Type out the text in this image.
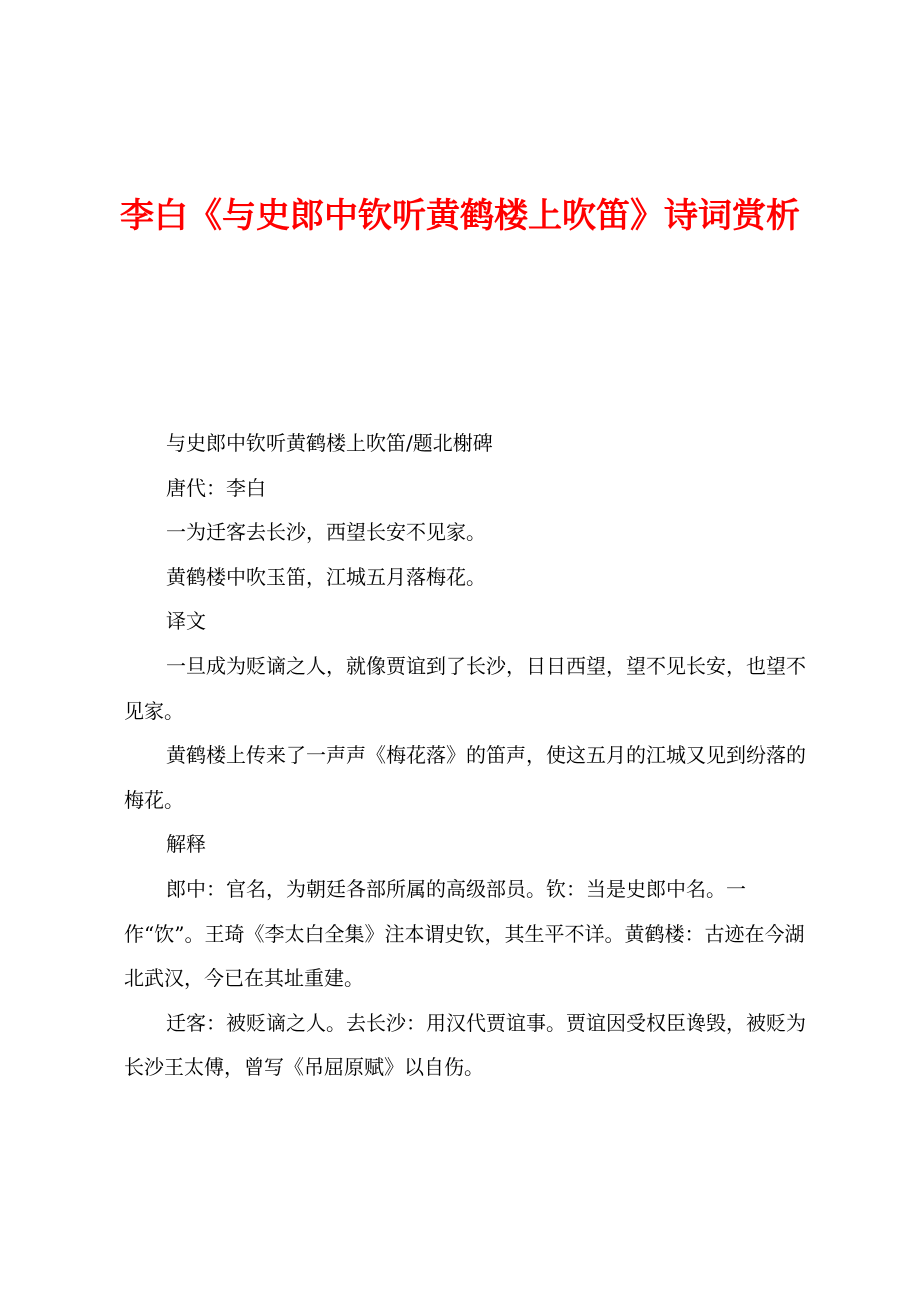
李白《与史郎中钦听黄鹤楼上吹笛》诗词赏析

与史郎中钦听黄鹤楼上吹笛/题北榭碑

唐代：李白

一为迁客去长沙，西望长安不见家。

黄鹤楼中吹玉笛，江城五月落梅花。

译文

一旦成为贬谪之人，就像贾谊到了长沙，日日西望，望不见长安，也望不见家。

黄鹤楼上传来了一声声《梅花落》的笛声，使这五月的江城又见到纷落的梅花。

解释

郎中：官名，为朝廷各部所属的高级部员。钦：当是史郎中名。一作“饮”。王琦《李太白全集》注本谓史钦，其生平不详。黄鹤楼：古迹在今湖北武汉，今已在其址重建。

迁客：被贬谪之人。去长沙：用汉代贾谊事。贾谊因受权臣谗毁，被贬为长沙王太傅，曾写《吊屈原赋》以自伤。
